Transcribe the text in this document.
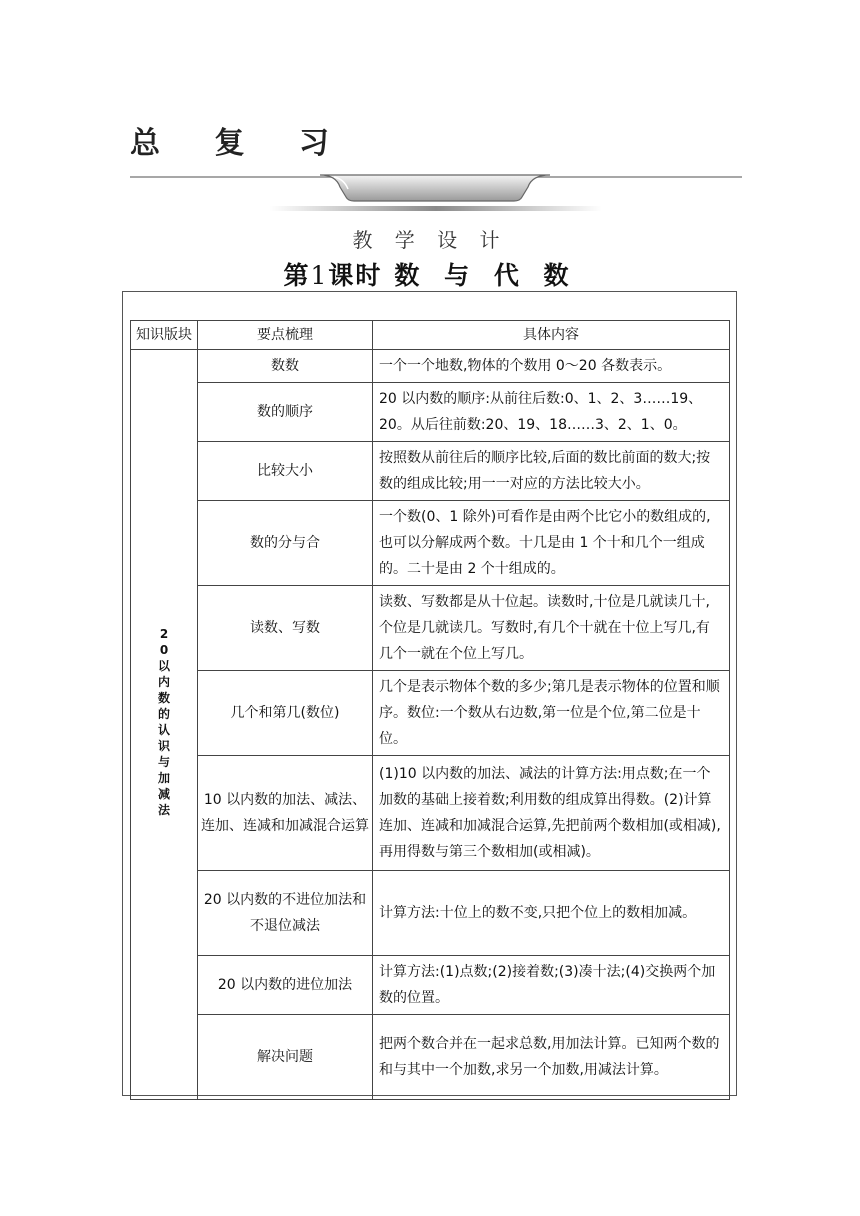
总 复 习
教 学 设 计
第1课时 数 与 代 数
知识版块	要点梳理	具体内容
20以内数的认识与加减法	数数	一个一个地数,物体的个数用 0～20 各数表示。
	数的顺序	20 以内数的顺序:从前往后数:0、1、2、3……19、20。从后往前数:20、19、18……3、2、1、0。
	比较大小	按照数从前往后的顺序比较,后面的数比前面的数大;按数的组成比较;用一一对应的方法比较大小。
	数的分与合	一个数(0、1 除外)可看作是由两个比它小的数组成的,也可以分解成两个数。十几是由 1 个十和几个一组成的。二十是由 2 个十组成的。
	读数、写数	读数、写数都是从十位起。读数时,十位是几就读几十,个位是几就读几。写数时,有几个十就在十位上写几,有几个一就在个位上写几。
	几个和第几(数位)	几个是表示物体个数的多少;第几是表示物体的位置和顺序。数位:一个数从右边数,第一位是个位,第二位是十位。
	10 以内数的加法、减法、连加、连减和加减混合运算	(1)10 以内数的加法、减法的计算方法:用点数;在一个加数的基础上接着数;利用数的组成算出得数。(2)计算连加、连减和加减混合运算,先把前两个数相加(或相减),再用得数与第三个数相加(或相减)。
	20 以内数的不进位加法和不退位减法	计算方法:十位上的数不变,只把个位上的数相加减。
	20 以内数的进位加法	计算方法:(1)点数;(2)接着数;(3)凑十法;(4)交换两个加数的位置。
	解决问题	把两个数合并在一起求总数,用加法计算。已知两个数的和与其中一个加数,求另一个加数,用减法计算。
